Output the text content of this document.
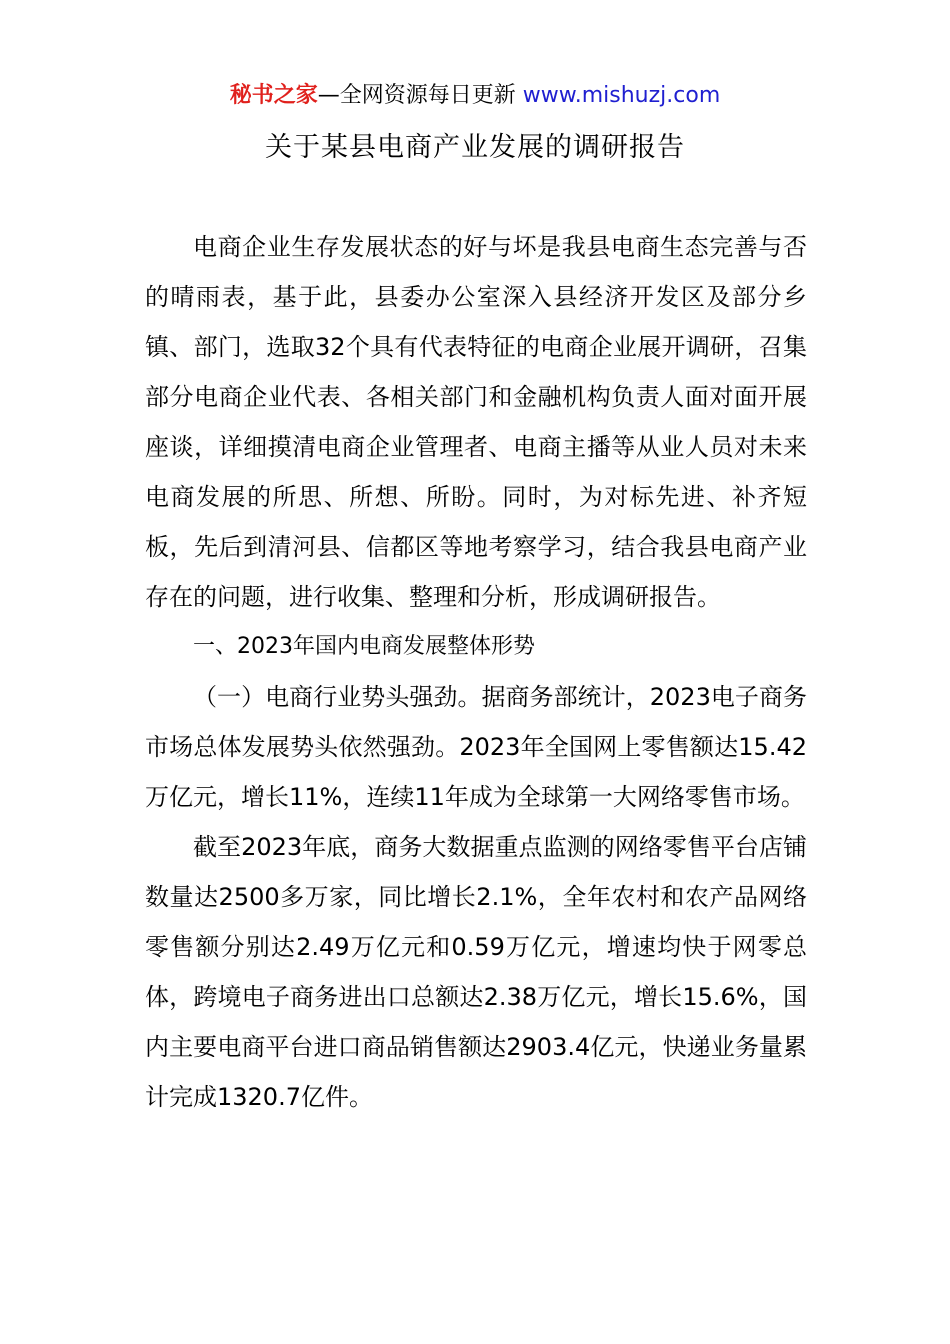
秘书之家—全网资源每日更新 www.mishuzj.com
关于某县电商产业发展的调研报告

电商企业生存发展状态的好与坏是我县电商生态完善与否的晴雨表，基于此，县委办公室深入县经济开发区及部分乡镇、部门，选取32个具有代表特征的电商企业展开调研，召集部分电商企业代表、各相关部门和金融机构负责人面对面开展座谈，详细摸清电商企业管理者、电商主播等从业人员对未来电商发展的所思、所想、所盼。同时，为对标先进、补齐短板，先后到清河县、信都区等地考察学习，结合我县电商产业存在的问题，进行收集、整理和分析，形成调研报告。

一、2023年国内电商发展整体形势

（一）电商行业势头强劲。据商务部统计，2023电子商务市场总体发展势头依然强劲。2023年全国网上零售额达15.42万亿元，增长11%，连续11年成为全球第一大网络零售市场。

截至2023年底，商务大数据重点监测的网络零售平台店铺数量达2500多万家，同比增长2.1%，全年农村和农产品网络零售额分别达2.49万亿元和0.59万亿元，增速均快于网零总体，跨境电子商务进出口总额达2.38万亿元，增长15.6%，国内主要电商平台进口商品销售额达2903.4亿元，快递业务量累计完成1320.7亿件。
